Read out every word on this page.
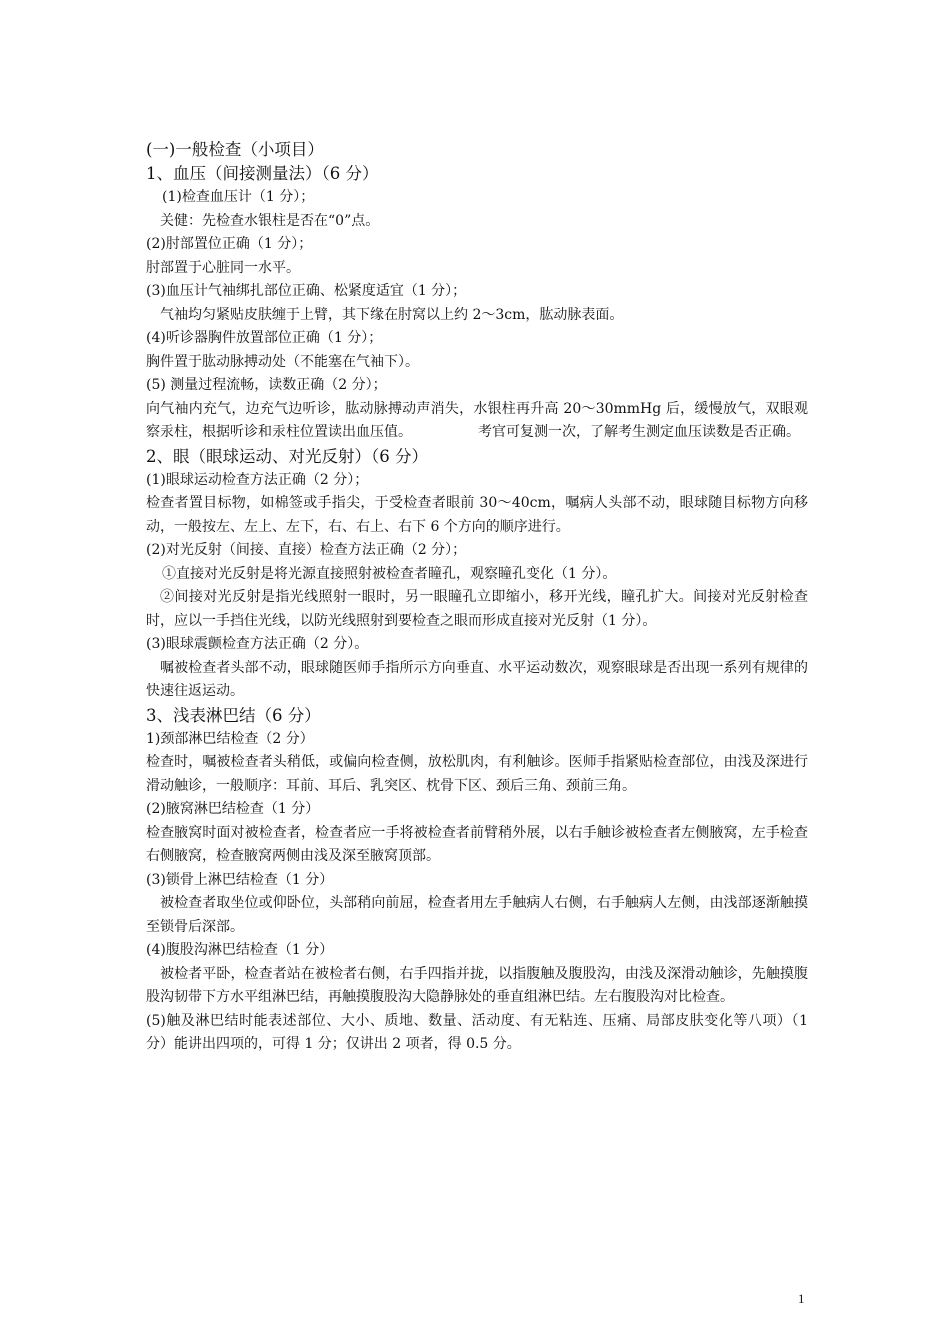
(一)一般检查（小项目）

1、血压（间接测量法）（6 分）

(1)检查血压计（1 分）；

关健：先检查水银柱是否在“0”点。

(2)肘部置位正确（1 分）；

肘部置于心脏同一水平。

(3)血压计气袖绑扎部位正确、松紧度适宜（1 分）；

气袖均匀紧贴皮肤缠于上臂，其下缘在肘窝以上约 2～3cm，肱动脉表面。

(4)听诊器胸件放置部位正确（1 分）；

胸件置于肱动脉搏动处（不能塞在气袖下）。

(5) 测量过程流畅，读数正确（2 分）；

向气袖内充气，边充气边听诊，肱动脉搏动声消失，水银柱再升高 20～30mmHg 后，缓慢放气，双眼观察汞柱，根据听诊和汞柱位置读出血压值。	考官可复测一次，了解考生测定血压读数是否正确。

2、眼（眼球运动、对光反射）（6 分）

(1)眼球运动检查方法正确（2 分）；

检查者置目标物，如棉签或手指尖，于受检查者眼前 30～40cm，嘱病人头部不动，眼球随目标物方向移动，一般按左、左上、左下，右、右上、右下 6 个方向的顺序进行。

(2)对光反射（间接、直接）检查方法正确（2 分）；

①直接对光反射是将光源直接照射被检查者瞳孔，观察瞳孔变化（1 分）。

②间接对光反射是指光线照射一眼时，另一眼瞳孔立即缩小，移开光线，瞳孔扩大。间接对光反射检查时，应以一手挡住光线，以防光线照射到要检查之眼而形成直接对光反射（1 分）。

(3)眼球震颤检查方法正确（2 分）。

嘱被检查者头部不动，眼球随医师手指所示方向垂直、水平运动数次，观察眼球是否出现一系列有规律的快速往返运动。

3、浅表淋巴结（6 分）

1)颈部淋巴结检查（2 分）

检查时，嘱被检查者头稍低，或偏向检查侧，放松肌肉，有利触诊。医师手指紧贴检查部位，由浅及深进行滑动触诊，一般顺序：耳前、耳后、乳突区、枕骨下区、颈后三角、颈前三角。

(2)腋窝淋巴结检查（1 分）

检查腋窝时面对被检查者，检查者应一手将被检查者前臂稍外展，以右手触诊被检查者左侧腋窝，左手检查右侧腋窝，检查腋窝两侧由浅及深至腋窝顶部。

(3)锁骨上淋巴结检查（1 分）

被检查者取坐位或仰卧位，头部稍向前屈，检查者用左手触病人右侧，右手触病人左侧，由浅部逐渐触摸至锁骨后深部。

(4)腹股沟淋巴结检查（1 分）

被检者平卧，检查者站在被检者右侧，右手四指并拢，以指腹触及腹股沟，由浅及深滑动触诊，先触摸腹股沟韧带下方水平组淋巴结，再触摸腹股沟大隐静脉处的垂直组淋巴结。左右腹股沟对比检查。

(5)触及淋巴结时能表述部位、大小、质地、数量、活动度、有无粘连、压痛、局部皮肤变化等八项）（1 分）能讲出四项的，可得 1 分；仅讲出 2 项者，得 0.5 分。

1
